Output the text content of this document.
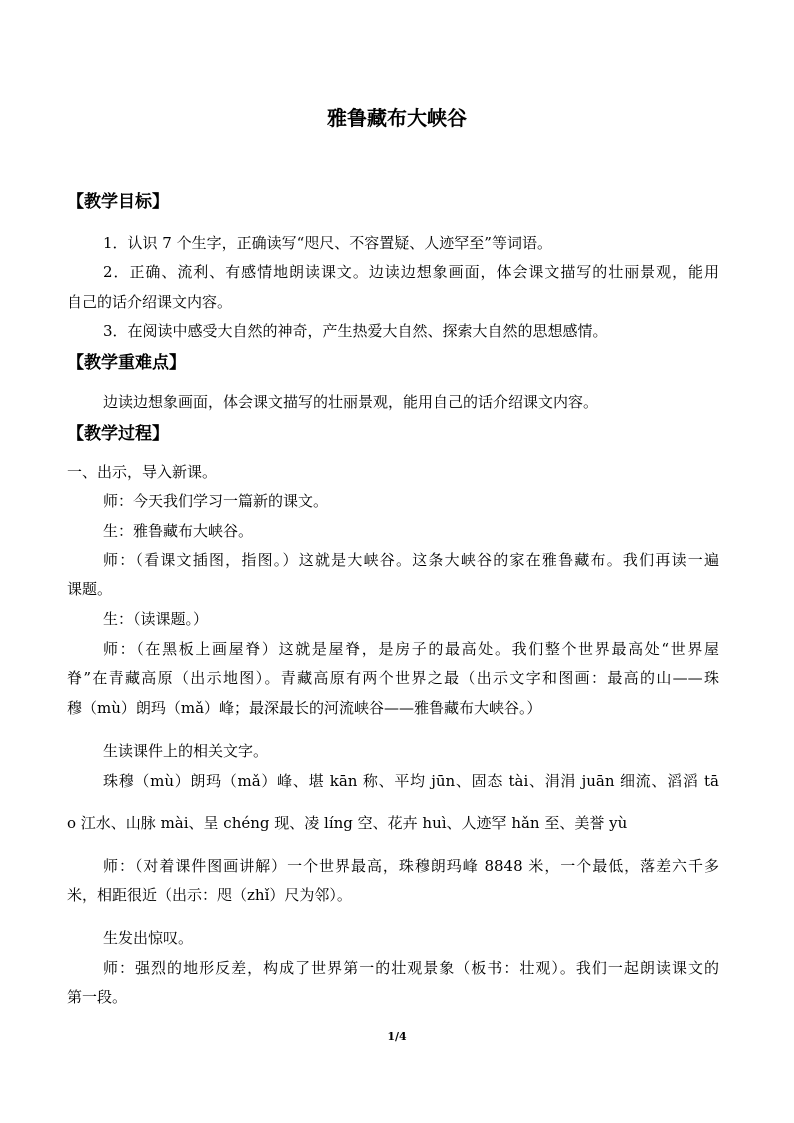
雅鲁藏布大峡谷
【教学目标】
1．认识 7 个生字，正确读写“咫尺、不容置疑、人迹罕至”等词语。
2．正确、流利、有感情地朗读课文。边读边想象画面，体会课文描写的壮丽景观，能用
自己的话介绍课文内容。
3．在阅读中感受大自然的神奇，产生热爱大自然、探索大自然的思想感情。
【教学重难点】
边读边想象画面，体会课文描写的壮丽景观，能用自己的话介绍课文内容。
【教学过程】
一、出示，导入新课。
师：今天我们学习一篇新的课文。
生：雅鲁藏布大峡谷。
师：（看课文插图，指图。）这就是大峡谷。这条大峡谷的家在雅鲁藏布。我们再读一遍
课题。
生：（读课题。）
师：（在黑板上画屋脊）这就是屋脊，是房子的最高处。我们整个世界最高处“世界屋
脊”在青藏高原（出示地图）。青藏高原有两个世界之最（出示文字和图画：最高的山——珠
穆（mù）朗玛（mǎ）峰；最深最长的河流峡谷——雅鲁藏布大峡谷。）
生读课件上的相关文字。
珠穆（mù）朗玛（mǎ）峰、堪 kān 称、平均 jūn、固态 tài、涓涓 juān 细流、滔滔 tā
o 江水、山脉 mài、呈 chéng 现、凌 líng 空、花卉 huì、人迹罕 hǎn 至、美誉 yù
师：（对着课件图画讲解）一个世界最高，珠穆朗玛峰 8848 米，一个最低，落差六千多
米，相距很近（出示：咫（zhǐ）尺为邻）。
生发出惊叹。
师：强烈的地形反差，构成了世界第一的壮观景象（板书：壮观）。我们一起朗读课文的
第一段。
1/4
